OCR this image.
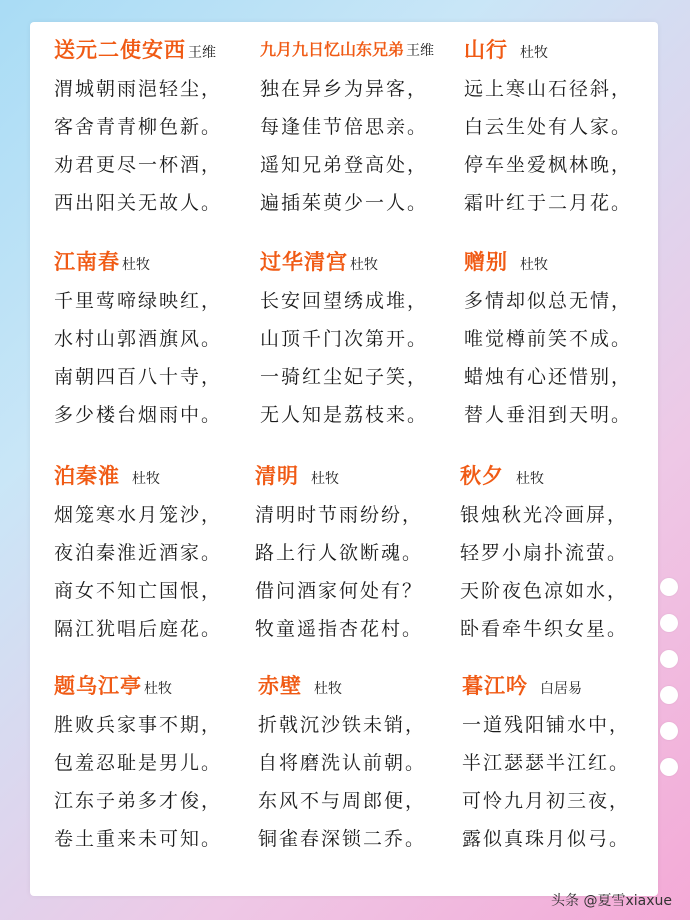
送元二使安西 王维
渭城朝雨浥轻尘，
客舍青青柳色新。
劝君更尽一杯酒，
西出阳关无故人。
九月九日忆山东兄弟 王维
独在异乡为异客，
每逢佳节倍思亲。
遥知兄弟登高处，
遍插茱萸少一人。
山行 杜牧
远上寒山石径斜，
白云生处有人家。
停车坐爱枫林晚，
霜叶红于二月花。
江南春 杜牧
千里莺啼绿映红，
水村山郭酒旗风。
南朝四百八十寺，
多少楼台烟雨中。
过华清宫 杜牧
长安回望绣成堆，
山顶千门次第开。
一骑红尘妃子笑，
无人知是荔枝来。
赠别 杜牧
多情却似总无情，
唯觉樽前笑不成。
蜡烛有心还惜别，
替人垂泪到天明。
泊秦淮 杜牧
烟笼寒水月笼沙，
夜泊秦淮近酒家。
商女不知亡国恨，
隔江犹唱后庭花。
清明 杜牧
清明时节雨纷纷，
路上行人欲断魂。
借问酒家何处有？
牧童遥指杏花村。
秋夕 杜牧
银烛秋光冷画屏，
轻罗小扇扑流萤。
天阶夜色凉如水，
卧看牵牛织女星。
题乌江亭 杜牧
胜败兵家事不期，
包羞忍耻是男儿。
江东子弟多才俊，
卷土重来未可知。
赤壁 杜牧
折戟沉沙铁未销，
自将磨洗认前朝。
东风不与周郎便，
铜雀春深锁二乔。
暮江吟 白居易
一道残阳铺水中，
半江瑟瑟半江红。
可怜九月初三夜，
露似真珠月似弓。
头条 @夏雪xiaxue
